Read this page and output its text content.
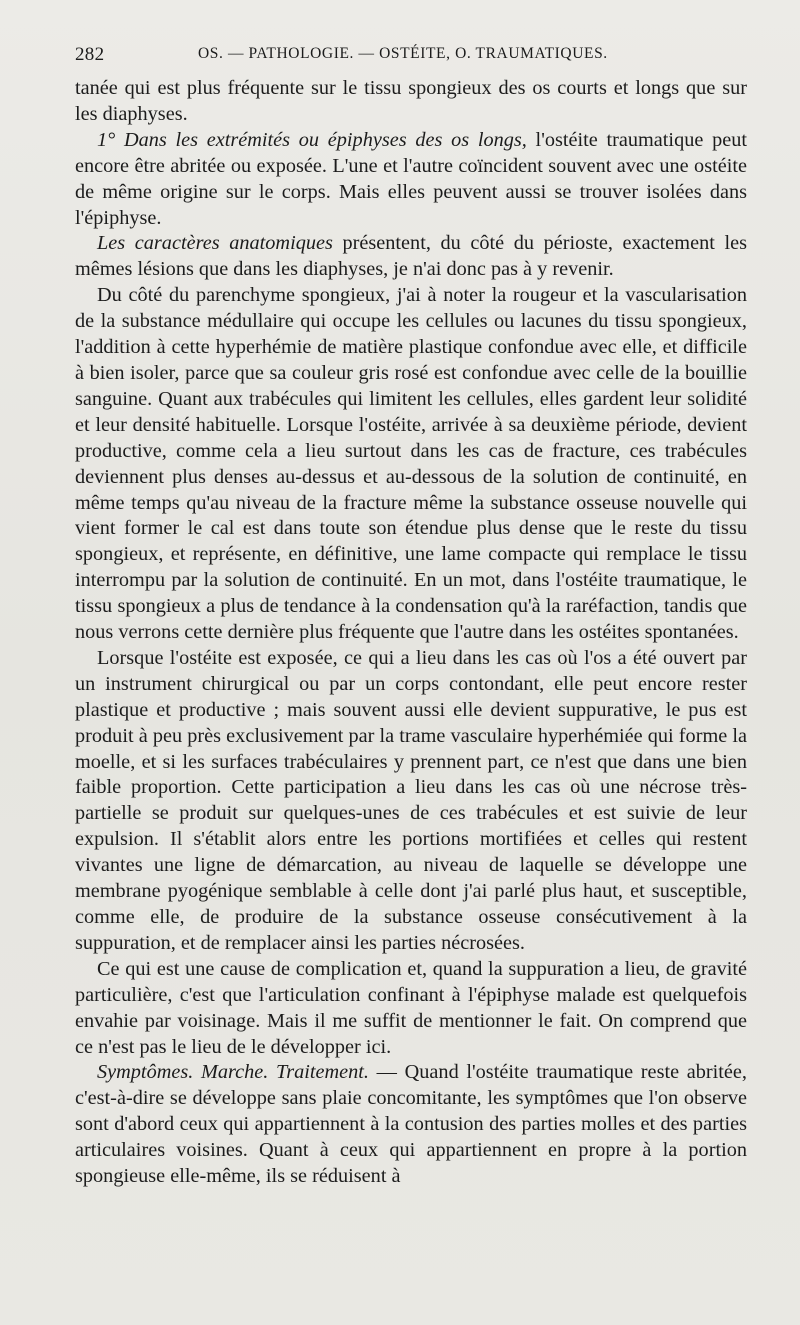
282	OS. — PATHOLOGIE. — OSTÉITE, O. TRAUMATIQUES.

tanée qui est plus fréquente sur le tissu spongieux des os courts et longs que sur les diaphyses.

1° Dans les extrémités ou épiphyses des os longs, l'ostéite traumatique peut encore être abritée ou exposée. L'une et l'autre coïncident souvent avec une ostéite de même origine sur le corps. Mais elles peuvent aussi se trouver isolées dans l'épiphyse.

Les caractères anatomiques présentent, du côté du périoste, exactement les mêmes lésions que dans les diaphyses, je n'ai donc pas à y revenir.

Du côté du parenchyme spongieux, j'ai à noter la rougeur et la vascularisation de la substance médullaire qui occupe les cellules ou lacunes du tissu spongieux, l'addition à cette hyperhémie de matière plastique confondue avec elle, et difficile à bien isoler, parce que sa couleur gris rosé est confondue avec celle de la bouillie sanguine. Quant aux trabécules qui limitent les cellules, elles gardent leur solidité et leur densité habituelle. Lorsque l'ostéite, arrivée à sa deuxième période, devient productive, comme cela a lieu surtout dans les cas de fracture, ces trabécules deviennent plus denses au-dessus et au-dessous de la solution de continuité, en même temps qu'au niveau de la fracture même la substance osseuse nouvelle qui vient former le cal est dans toute son étendue plus dense que le reste du tissu spongieux, et représente, en définitive, une lame compacte qui remplace le tissu interrompu par la solution de continuité. En un mot, dans l'ostéite traumatique, le tissu spongieux a plus de tendance à la condensation qu'à la raréfaction, tandis que nous verrons cette dernière plus fréquente que l'autre dans les ostéites spontanées.

Lorsque l'ostéite est exposée, ce qui a lieu dans les cas où l'os a été ouvert par un instrument chirurgical ou par un corps contondant, elle peut encore rester plastique et productive ; mais souvent aussi elle devient suppurative, le pus est produit à peu près exclusivement par la trame vasculaire hyperhémiée qui forme la moelle, et si les surfaces trabéculaires y prennent part, ce n'est que dans une bien faible proportion. Cette participation a lieu dans les cas où une nécrose très-partielle se produit sur quelques-unes de ces trabécules et est suivie de leur expulsion. Il s'établit alors entre les portions mortifiées et celles qui restent vivantes une ligne de démarcation, au niveau de laquelle se développe une membrane pyogénique semblable à celle dont j'ai parlé plus haut, et susceptible, comme elle, de produire de la substance osseuse consécutivement à la suppuration, et de remplacer ainsi les parties nécrosées.

Ce qui est une cause de complication et, quand la suppuration a lieu, de gravité particulière, c'est que l'articulation confinant à l'épiphyse malade est quelquefois envahie par voisinage. Mais il me suffit de mentionner le fait. On comprend que ce n'est pas le lieu de le développer ici.

Symptômes. Marche. Traitement. — Quand l'ostéite traumatique reste abritée, c'est-à-dire se développe sans plaie concomitante, les symptômes que l'on observe sont d'abord ceux qui appartiennent à la contusion des parties molles et des parties articulaires voisines. Quant à ceux qui appartiennent en propre à la portion spongieuse elle-même, ils se réduisent à
